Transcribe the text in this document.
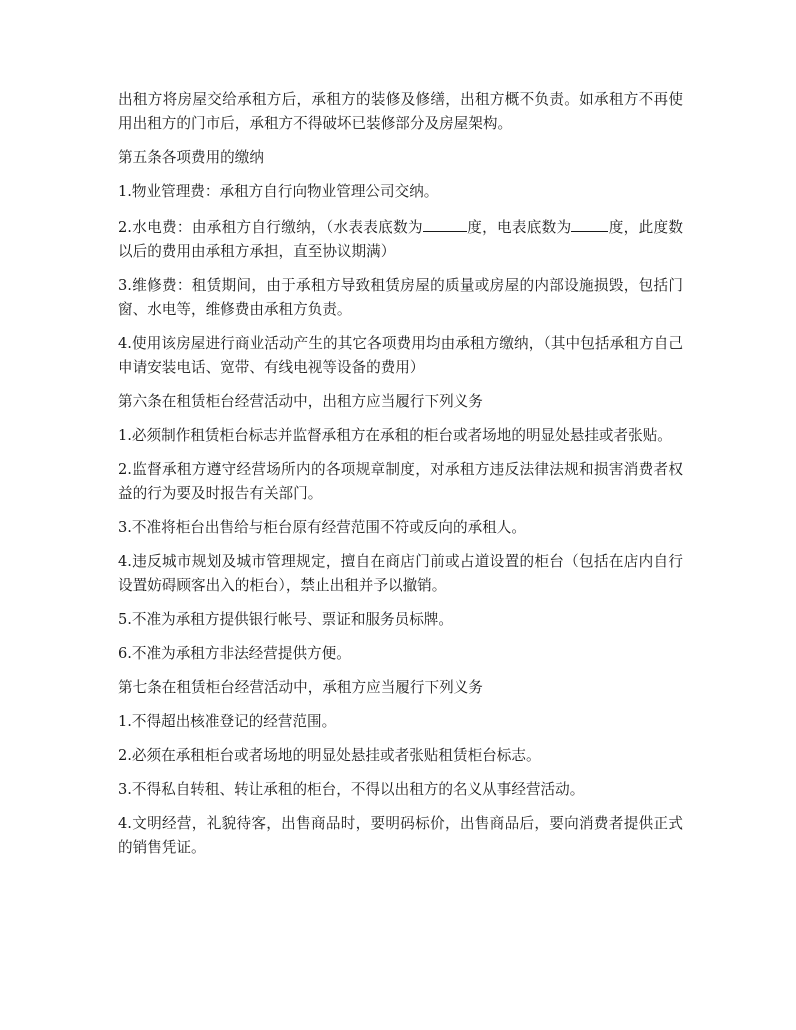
出租方将房屋交给承租方后，承租方的装修及修缮，出租方概不负责。如承租方不再使用出租方的门市后，承租方不得破坏已装修部分及房屋架构。

第五条各项费用的缴纳

1.物业管理费：承租方自行向物业管理公司交纳。

2.水电费：由承租方自行缴纳，（水表表底数为	度，电表底数为	度，此度数以后的费用由承租方承担，直至协议期满）

3.维修费：租赁期间，由于承租方导致租赁房屋的质量或房屋的内部设施损毁，包括门窗、水电等，维修费由承租方负责。

4.使用该房屋进行商业活动产生的其它各项费用均由承租方缴纳，（其中包括承租方自己申请安装电话、宽带、有线电视等设备的费用）

第六条在租赁柜台经营活动中，出租方应当履行下列义务

1.必须制作租赁柜台标志并监督承租方在承租的柜台或者场地的明显处悬挂或者张贴。

2.监督承租方遵守经营场所内的各项规章制度，对承租方违反法律法规和损害消费者权益的行为要及时报告有关部门。

3.不准将柜台出售给与柜台原有经营范围不符或反向的承租人。

4.违反城市规划及城市管理规定，擅自在商店门前或占道设置的柜台（包括在店内自行设置妨碍顾客出入的柜台），禁止出租并予以撤销。

5.不准为承租方提供银行帐号、票证和服务员标牌。

6.不准为承租方非法经营提供方便。

第七条在租赁柜台经营活动中，承租方应当履行下列义务

1.不得超出核准登记的经营范围。

2.必须在承租柜台或者场地的明显处悬挂或者张贴租赁柜台标志。

3.不得私自转租、转让承租的柜台，不得以出租方的名义从事经营活动。

4.文明经营，礼貌待客，出售商品时，要明码标价，出售商品后，要向消费者提供正式的销售凭证。
